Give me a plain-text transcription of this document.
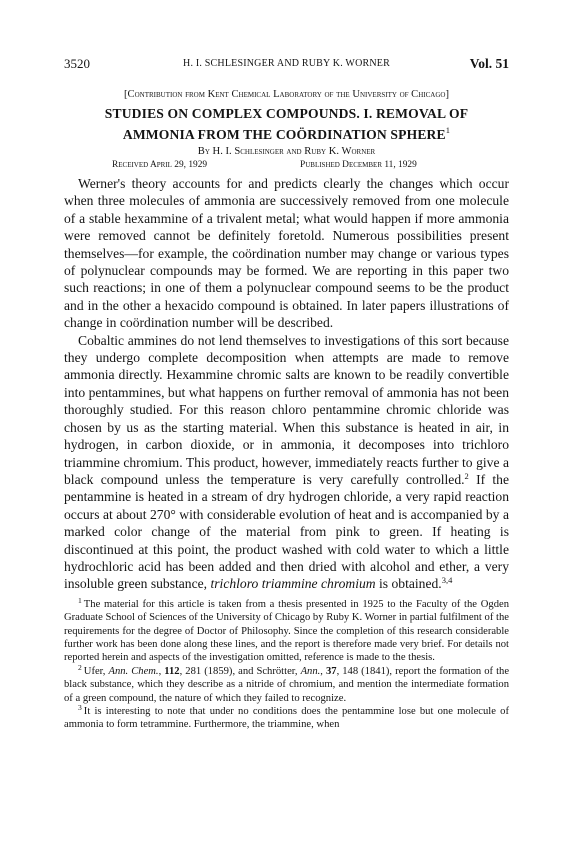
3520	H. I. SCHLESINGER AND RUBY K. WORNER	Vol. 51
[Contribution from Kent Chemical Laboratory of the University of Chicago]
STUDIES ON COMPLEX COMPOUNDS. I. REMOVAL OF
AMMONIA FROM THE COÖRDINATION SPHERE$^1$
By H. I. Schlesinger and Ruby K. Worner
Received April 29, 1929	Published December 11, 1929

Werner's theory accounts for and predicts clearly the changes which occur when three molecules of ammonia are successively removed from one molecule of a stable hexammine of a trivalent metal; what would happen if more ammonia were removed cannot be definitely foretold. Numerous possibilities present themselves—for example, the coördination number may change or various types of polynuclear compounds may be formed. We are reporting in this paper two such reactions; in one of them a polynuclear compound seems to be the product and in the other a hexacido compound is obtained. In later papers illustrations of change in coördination number will be described.

Cobaltic ammines do not lend themselves to investigations of this sort because they undergo complete decomposition when attempts are made to remove ammonia directly. Hexammine chromic salts are known to be readily convertible into pentammines, but what happens on further removal of ammonia has not been thoroughly studied. For this reason chloro pentammine chromic chloride was chosen by us as the starting material. When this substance is heated in air, in hydrogen, in carbon dioxide, or in ammonia, it decomposes into trichloro triammine chromium. This product, however, immediately reacts further to give a black compound unless the temperature is very carefully controlled.$^2$ If the pentammine is heated in a stream of dry hydrogen chloride, a very rapid reaction occurs at about 270° with considerable evolution of heat and is accompanied by a marked color change of the material from pink to green. If heating is discontinued at this point, the product washed with cold water to which a little hydrochloric acid has been added and then dried with alcohol and ether, a very insoluble green substance, trichloro triammine chromium is obtained.$^{3,4}$

$^1$ The material for this article is taken from a thesis presented in 1925 to the Faculty of the Ogden Graduate School of Sciences of the University of Chicago by Ruby K. Worner in partial fulfilment of the requirements for the degree of Doctor of Philosophy. Since the completion of this research considerable further work has been done along these lines, and the report is therefore made very brief. For details not reported herein and aspects of the investigation omitted, reference is made to the thesis.

$^2$ Ufer, Ann. Chem., 112, 281 (1859), and Schrötter, Ann., 37, 148 (1841), report the formation of the black substance, which they describe as a nitride of chromium, and mention the intermediate formation of a green compound, the nature of which they failed to recognize.

$^3$ It is interesting to note that under no conditions does the pentammine lose but one molecule of ammonia to form tetrammine. Furthermore, the triammine, when
